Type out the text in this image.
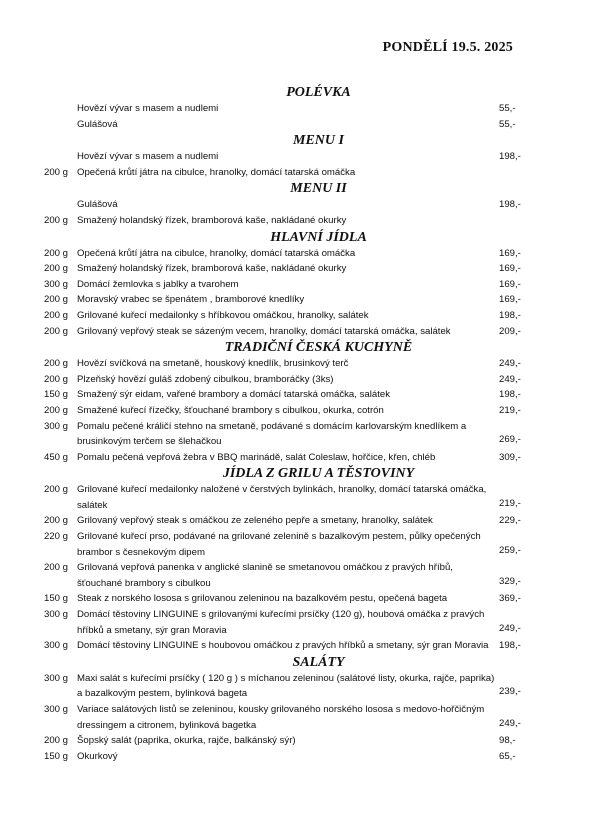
PONDĚLÍ 19.5. 2025
POLÉVKA
Hovězí vývar s masem a nudlemi	55,-
Gulášová	55,-
MENU I
Hovězí vývar s masem a nudlemi	198,-
200 g Opečená krůtí játra na cibulce, hranolky, domácí tatarská omáčka
MENU II
Gulášová	198,-
200 g Smažený holandský řízek, bramborová kaše, nakládané okurky
HLAVNÍ JÍDLA
200 g Opečená krůtí játra na cibulce, hranolky, domácí tatarská omáčka	169,-
200 g Smažený holandský řízek, bramborová kaše, nakládané okurky	169,-
300 g Domácí žemlovka s jablky a tvarohem	169,-
200 g Moravský vrabec se špenátem , bramborové knedlíky	169,-
200 g Grilované kuřecí medailonky s hříbkovou omáčkou, hranolky, salátek	198,-
200 g Grilovaný vepřový steak se sázeným vecem, hranolky, domácí tatarská omáčka, salátek	209,-
TRADIČNÍ ČESKÁ KUCHYNĚ
200 g Hovězí svíčková na smetaně, houskový knedlík, brusinkový terč	249,-
200 g Plzeňský hovězí guláš zdobený cibulkou, bramboráčky (3ks)	249,-
150 g Smažený sýr eidam, vařené brambory a domácí tatarská omáčka, salátek	198,-
200 g Smažené kuřecí řízečky, šťouchané brambory s cibulkou, okurka, cotrón	219,-
300 g Pomalu pečené králičí stehno na smetaně, podávané s domácím karlovarským knedlíkem a brusinkovým terčem se šlehačkou	269,-
450 g Pomalu pečená vepřová žebra v BBQ marinádě, salát Coleslaw, hořčice, křen, chléb	309,-
JÍDLA Z GRILU A TĚSTOVINY
200 g Grilované kuřecí medailonky naložené v čerstvých bylinkách, hranolky, domácí tatarská omáčka, salátek	219,-
200 g Grilovaný vepřový steak s omáčkou ze zeleného pepře a smetany, hranolky, salátek	229,-
220 g Grilované kuřecí prso, podávané na grilované zelenině s bazalkovým pestem, půlky opečených brambor s česnekovým dipem	259,-
200 g Grilovaná vepřová panenka v anglické slanině se smetanovou omáčkou z pravých hříbů, šťouchané brambory s cibulkou	329,-
150 g Steak z norského lososa s grilovanou zeleninou na bazalkovém pestu, opečená bageta	369,-
300 g Domácí těstoviny LINGUINE s grilovanými kuřecími prsíčky (120 g), houbová omáčka z pravých hříbků a smetany, sýr gran Moravia	249,-
300 g Domácí těstoviny LINGUINE s houbovou omáčkou z pravých hříbků a smetany, sýr gran Moravia	198,-
SALÁTY
300 g Maxi salát s kuřecími prsíčky ( 120 g ) s míchanou zeleninou (salátové listy, okurka, rajče, paprika) a bazalkovým pestem, bylinková bageta	239,-
300 g Variace salátových listů se zeleninou, kousky grilovaného norského lososa s medovo-hořčičným dressingem a citronem, bylinková bagetka	249,-
200 g Šopský salát (paprika, okurka, rajče, balkánský sýr)	98,-
150 g Okurkový	65,-
